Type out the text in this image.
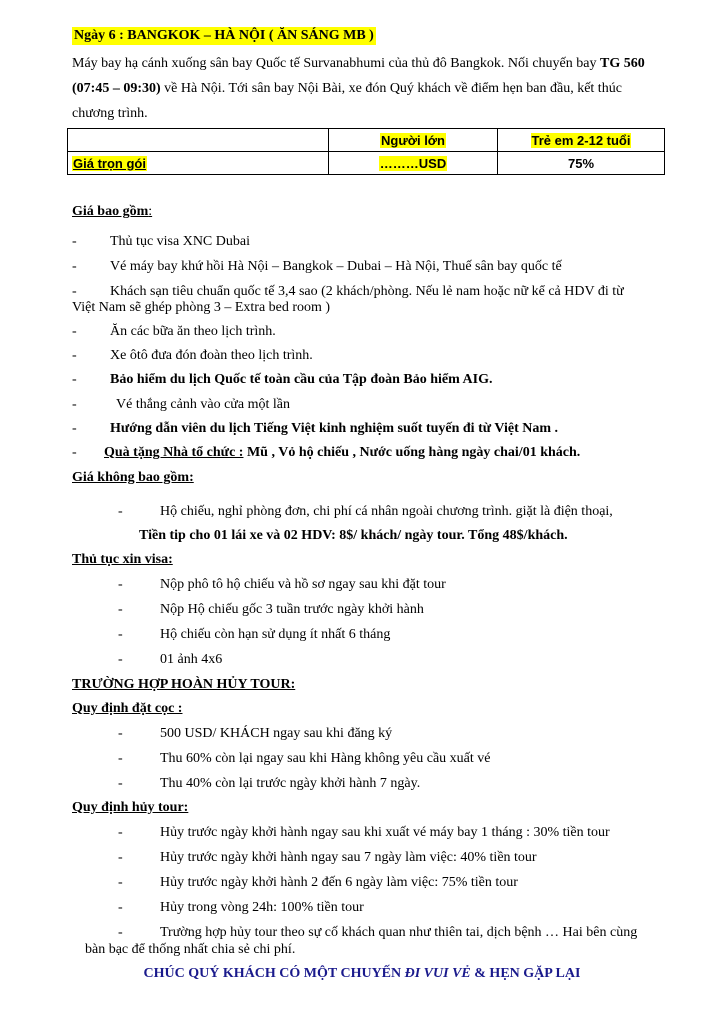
Ngày 6 : BANGKOK – HÀ NỘI ( ĂN SÁNG MB )
Máy bay hạ cánh xuống sân bay Quốc tế Survanabhumi của thủ đô Bangkok. Nối chuyến bay TG 560 (07:45 – 09:30) về Hà Nội. Tới sân bay Nội Bài, xe đón Quý khách về điểm hẹn ban đầu, kết thúc chương trình.
	Người lớn	Trẻ em 2-12 tuổi
Giá trọn gói	………USD	75%
Giá bao gồm:
- Thủ tục visa XNC Dubai
- Vé máy bay khứ hồi Hà Nội – Bangkok – Dubai – Hà Nội, Thuế sân bay quốc tế
- Khách sạn tiêu chuẩn quốc tế 3,4 sao (2 khách/phòng. Nếu lẻ nam hoặc nữ kể cả HDV đi từ
Việt Nam sẽ ghép phòng 3 – Extra bed room )
- Ăn các bữa ăn theo lịch trình.
- Xe ôtô đưa đón đoàn theo lịch trình.
- Bảo hiểm du lịch Quốc tế toàn cầu của Tập đoàn Bảo hiểm AIG.
-	Vé thắng cảnh vào cửa một lần
- Hướng dẫn viên du lịch Tiếng Việt kinh nghiệm suốt tuyến đi từ Việt Nam .
- Quà tặng Nhà tổ chức : Mũ , Vỏ hộ chiếu , Nước uống hàng ngày chai/01 khách.
Giá không bao gồm:
-	Hộ chiếu, nghỉ phòng đơn, chi phí cá nhân ngoài chương trình. giặt là điện thoại,
Tiền tip cho 01 lái xe và 02 HDV: 8$/ khách/ ngày tour. Tổng 48$/khách.
Thủ tục xin visa:
-	Nộp phô tô hộ chiếu và hồ sơ ngay sau khi đặt tour
-	Nộp Hộ chiếu gốc 3 tuần trước ngày khởi hành
-	Hộ chiếu còn hạn sử dụng ít nhất 6 tháng
-	01 ảnh 4x6
TRƯỜNG HỢP HOÀN HỦY TOUR:
Quy định đặt cọc :
-	500 USD/ KHÁCH ngay sau khi đăng ký
-	Thu 60% còn lại ngay sau khi Hàng không yêu cầu xuất vé
-	Thu 40% còn lại trước ngày khởi hành 7 ngày.
Quy định hủy tour:
-	Hủy trước ngày khởi hành ngay sau khi xuất vé máy bay 1 tháng : 30% tiền tour
-	Hủy trước ngày khởi hành ngay sau 7 ngày làm việc: 40% tiền tour
-	Hủy trước ngày khởi hành 2 đến 6 ngày làm việc: 75% tiền tour
-	Hủy trong vòng 24h: 100% tiền tour
-	Trường hợp hủy tour theo sự cố khách quan như thiên tai, dịch bệnh … Hai bên cùng
bàn bạc để thống nhất chia sẻ chi phí.
CHÚC QUÝ KHÁCH CÓ MỘT CHUYẾN ĐI VUI VẺ & HẸN GẶP LẠI
